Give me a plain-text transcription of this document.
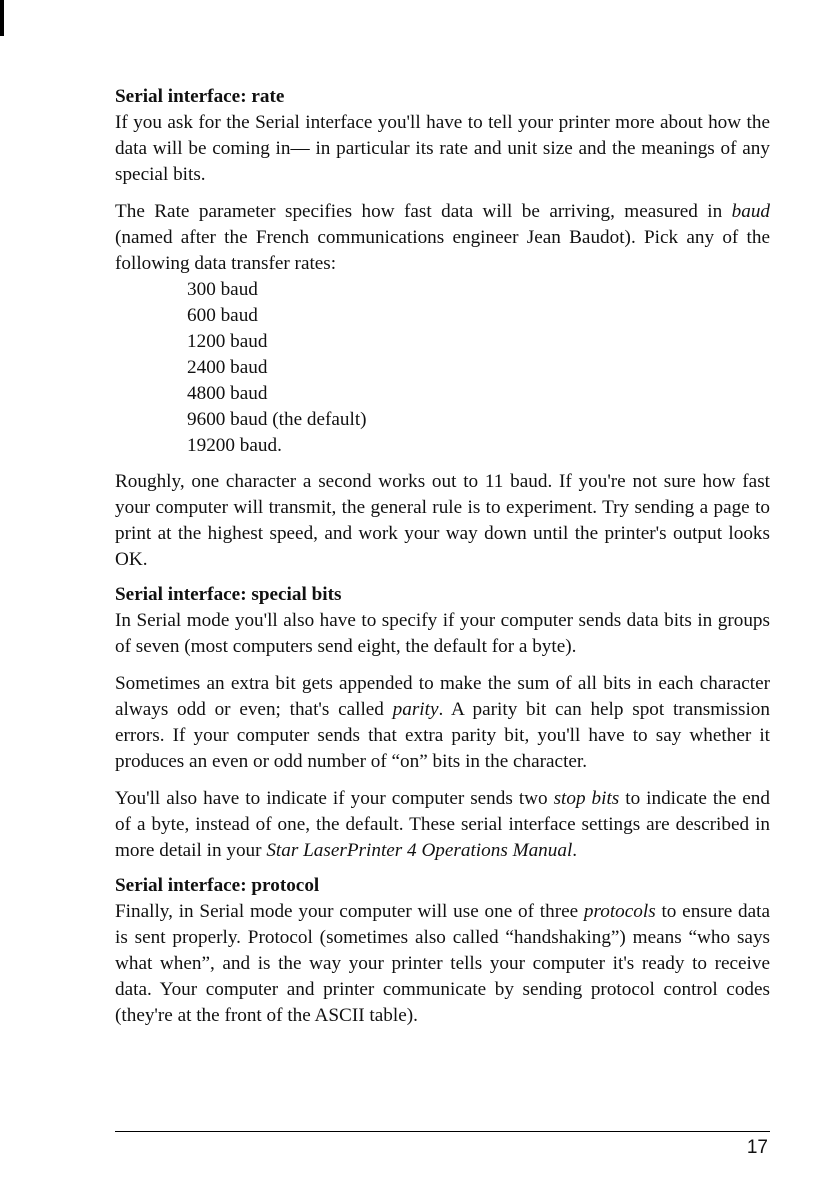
Serial interface: rate

If you ask for the Serial interface you'll have to tell your printer more about how the data will be coming in— in particular its rate and unit size and the meanings of any special bits.

The Rate parameter specifies how fast data will be arriving, measured in baud (named after the French communications engineer Jean Baudot). Pick any of the following data transfer rates:

300 baud
600 baud
1200 baud
2400 baud
4800 baud
9600 baud (the default)
19200 baud.

Roughly, one character a second works out to 11 baud. If you're not sure how fast your computer will transmit, the general rule is to experiment. Try sending a page to print at the highest speed, and work your way down until the printer's output looks OK.

Serial interface: special bits

In Serial mode you'll also have to specify if your computer sends data bits in groups of seven (most computers send eight, the default for a byte).

Sometimes an extra bit gets appended to make the sum of all bits in each character always odd or even; that's called parity. A parity bit can help spot transmission errors. If your computer sends that extra parity bit, you'll have to say whether it produces an even or odd number of “on” bits in the character.

You'll also have to indicate if your computer sends two stop bits to indicate the end of a byte, instead of one, the default. These serial interface settings are described in more detail in your Star LaserPrinter 4 Operations Manual.

Serial interface: protocol

Finally, in Serial mode your computer will use one of three protocols to ensure data is sent properly. Protocol (sometimes also called “handshaking”) means “who says what when”, and is the way your printer tells your computer it's ready to receive data. Your computer and printer communicate by sending protocol control codes (they're at the front of the ASCII table).

17
